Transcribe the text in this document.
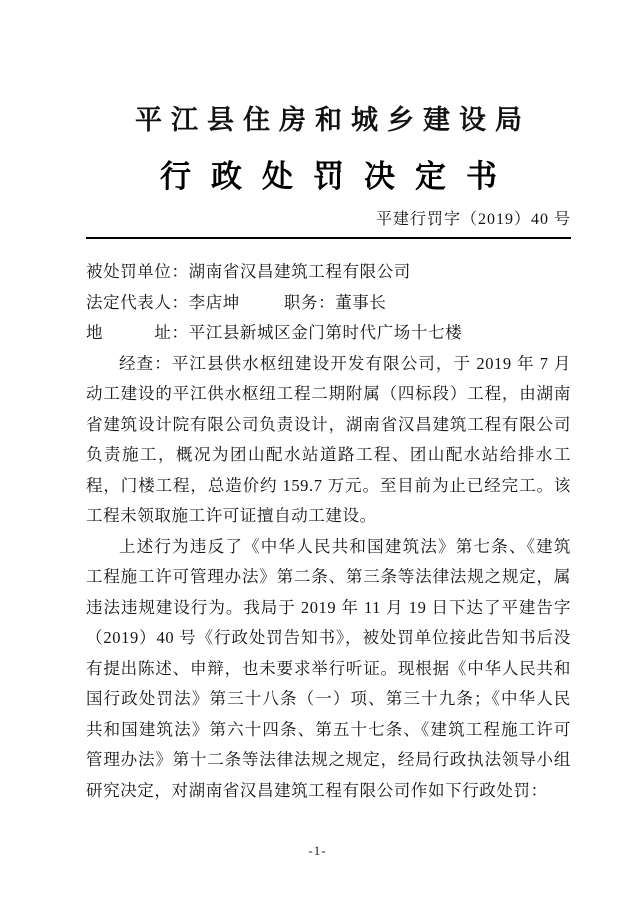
平江县住房和城乡建设局
行政处罚决定书
平建行罚字（2019）40 号
被处罚单位：湖南省汉昌建筑工程有限公司
法定代表人：李店坤	职务：董事长
地　　　址：平江县新城区金门第时代广场十七楼

经查：平江县供水枢纽建设开发有限公司，于 2019 年 7 月动工建设的平江供水枢纽工程二期附属（四标段）工程，由湖南省建筑设计院有限公司负责设计，湖南省汉昌建筑工程有限公司负责施工，概况为团山配水站道路工程、团山配水站给排水工程，门楼工程，总造价约 159.7 万元。至目前为止已经完工。该工程未领取施工许可证擅自动工建设。

上述行为违反了《中华人民共和国建筑法》第七条、《建筑工程施工许可管理办法》第二条、第三条等法律法规之规定，属违法违规建设行为。我局于 2019 年 11 月 19 日下达了平建告字（2019）40 号《行政处罚告知书》，被处罚单位接此告知书后没有提出陈述、申辩，也未要求举行听证。现根据《中华人民共和国行政处罚法》第三十八条（一）项、第三十九条；《中华人民共和国建筑法》第六十四条、第五十七条、《建筑工程施工许可管理办法》第十二条等法律法规之规定，经局行政执法领导小组研究决定，对湖南省汉昌建筑工程有限公司作如下行政处罚：

-1-
